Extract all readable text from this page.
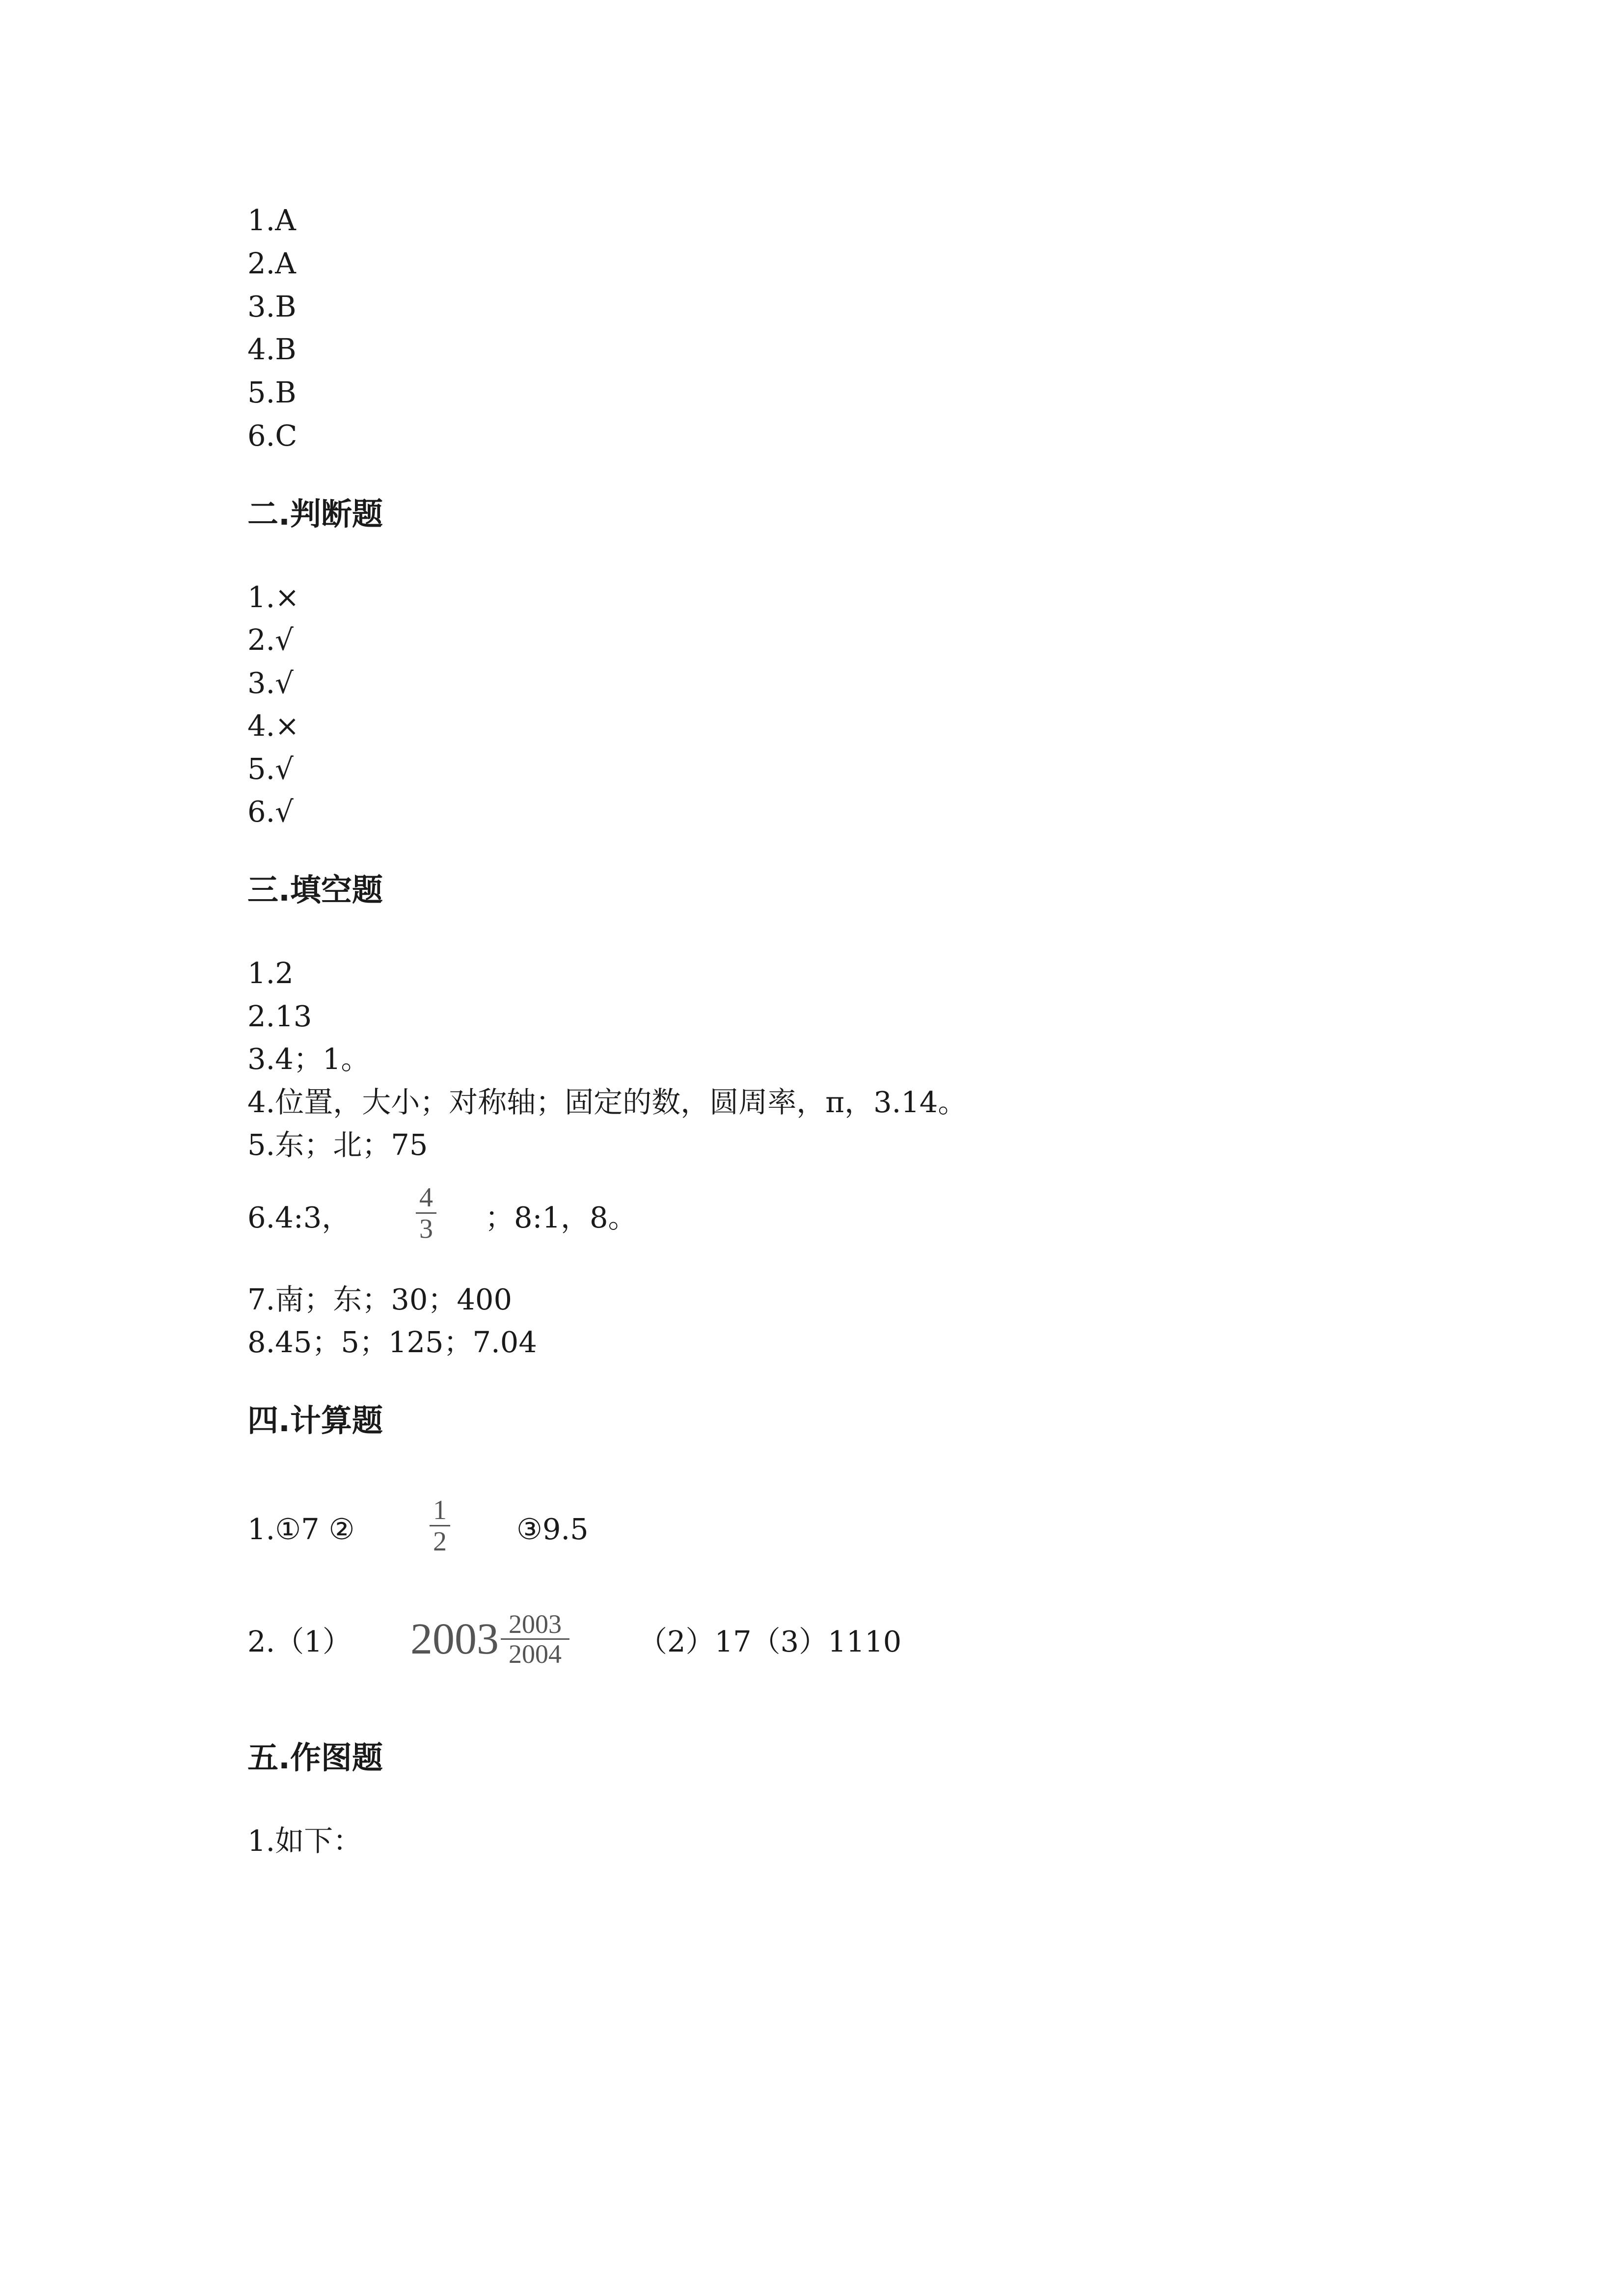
1.A
2.A
3.B
4.B
5.B
6.C
二.判断题
1.×
2.√
3.√
4.×
5.√
6.√
三.填空题
1.2
2.13
3.4；1。
4.位置，大小；对称轴；固定的数，圆周率，π，3.14。
5.东；北；75
6.4:3，
4
3 ；8:1，8。
7.南；东；30；400
8.45；5；125；7.04
四.计算题
1.①7 ②
1
2 ③9.5
2.（1） $2003 \frac{2003}{2004} (2)17(3)1110$
五.作图题
1.如下：
